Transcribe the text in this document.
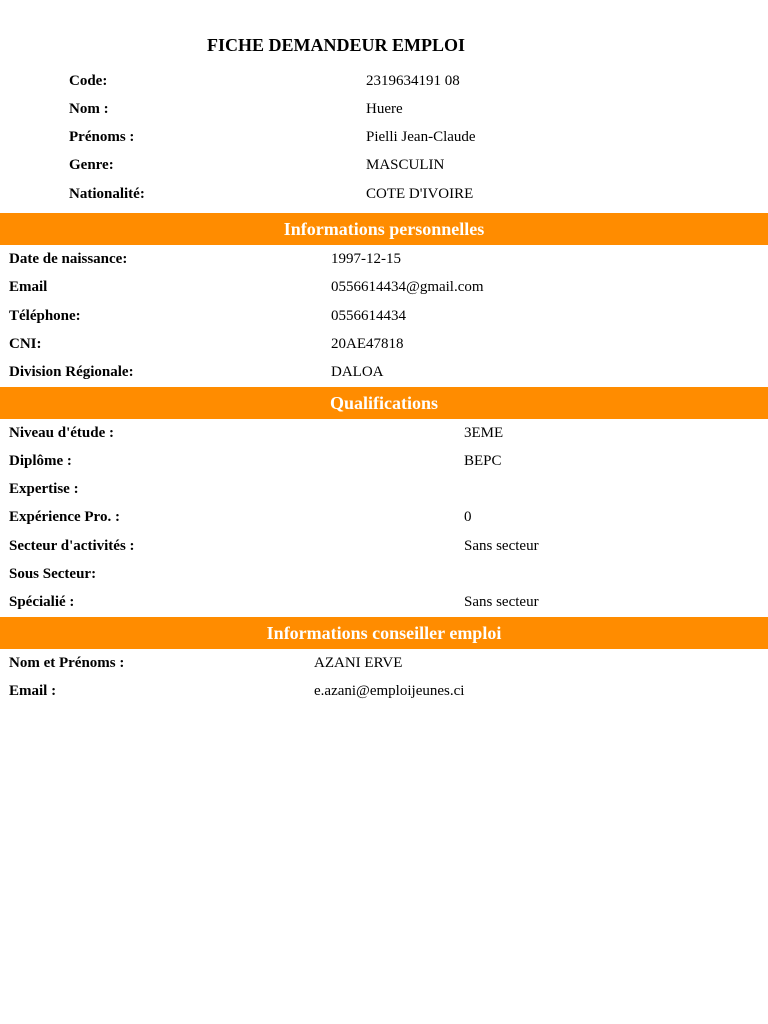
FICHE DEMANDEUR EMPLOI
Code:	2319634191 08
Nom :	Huere
Prénoms :	Pielli Jean-Claude
Genre:	MASCULIN
Nationalité:	COTE D'IVOIRE
Informations personnelles
Date de naissance:	1997-12-15
Email	0556614434@gmail.com
Téléphone:	0556614434
CNI:	20AE47818
Division Régionale:	DALOA
Qualifications
Niveau d'étude :	3EME
Diplôme :	BEPC
Expertise :
Expérience Pro. :	0
Secteur d'activités :	Sans secteur
Sous Secteur:
Spécialié :	Sans secteur
Informations conseiller emploi
Nom et Prénoms :	AZANI ERVE
Email :	e.azani@emploijeunes.ci
